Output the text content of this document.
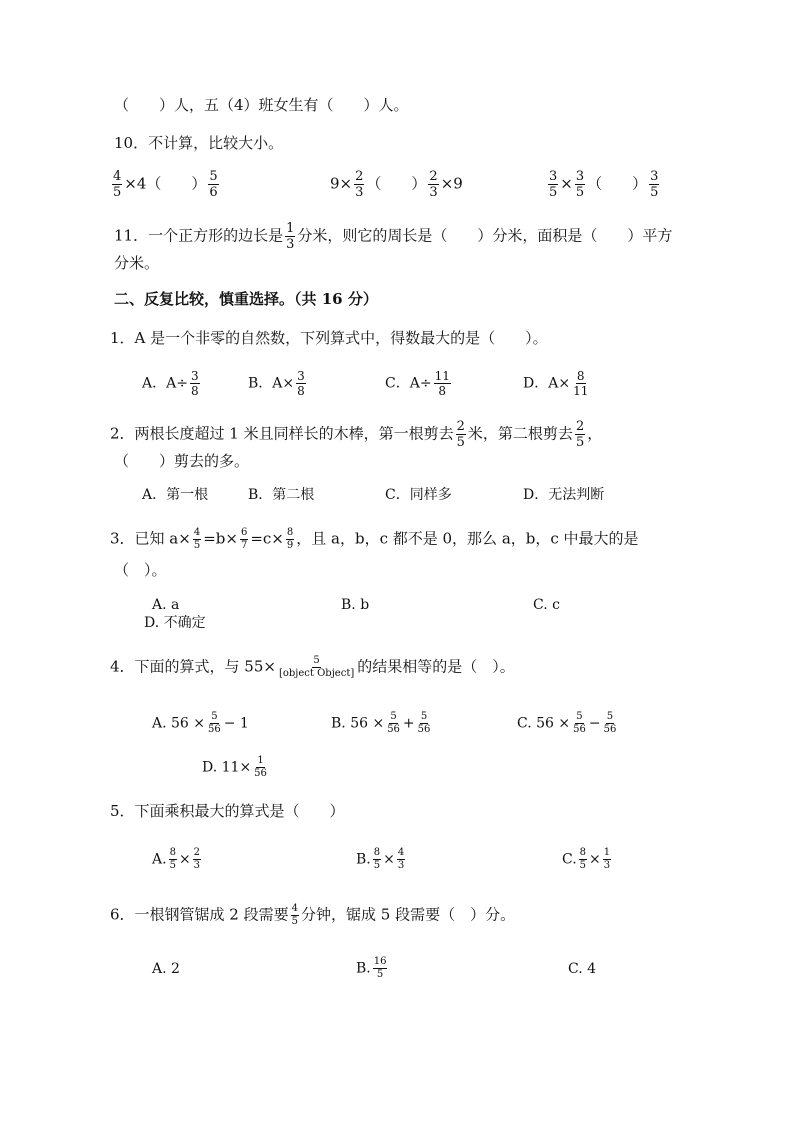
（　　）人，五（4）班女生有（　　）人。
10．不计算，比较大小。
$\frac{4}{5} \times 4$（　　） $\frac{5}{6}$	$9\times \frac{2}{3}$ （　　） $\frac{2}{3} \times 9$	$\frac{3}{5} \times \frac{3}{5}$ （　　） $\frac{3}{5}$
11．一个正方形的边长是 $\frac{1}{3}$ 分米，则它的周长是（　　）分米，面积是（　　）平方
分米。
二、反复比较，慎重选择。（共 16 分）
1．A 是一个非零的自然数，下列算式中，得数最大的是（　　）。
A．$A\div \frac{3}{8}$	B．$A\times \frac{3}{8}$	C．$A\div \frac{11}{8}$	D．$A\times \frac{8}{11}$
2．两根长度超过 1 米且同样长的木棒，第一根剪去 $\frac{2}{5}$ 米，第二根剪去 $\frac{2}{5}$ ，
（　　）剪去的多。
A．第一根	B．第二根	C．同样多	D．无法判断
3．已知 $a\times \frac{4}{5} =b\times \frac{6}{7} =c\times \frac{8}{9}$ ，且 a，b，c 都不是 0，那么 a，b，c 中最大的是
（　）。
A. a	B. b	C. c
D. 不确定
4．下面的算式，与 55×	5
[object Object] 的结果相等的是（　）。
A. $56 \times \frac{5}{56} - 1$	B. $56 \times \frac{5}{56} + \frac{5}{56}$	C. $56 \times \frac{5}{56} - \frac{5}{56}$
D. $11\times \frac{1}{56}$
5．下面乘积最大的算式是（　　）
A. $\frac{8}{5} \times \frac{2}{3}$	B. $\frac{8}{5} \times \frac{4}{3}$	C. $\frac{8}{5} \times \frac{1}{3}$
6．一根钢管锯成 2 段需要 $\frac{4}{5}$ 分钟，锯成 5 段需要（　）分。
A. 2	B. $\frac{16}{5}$	C. 4
